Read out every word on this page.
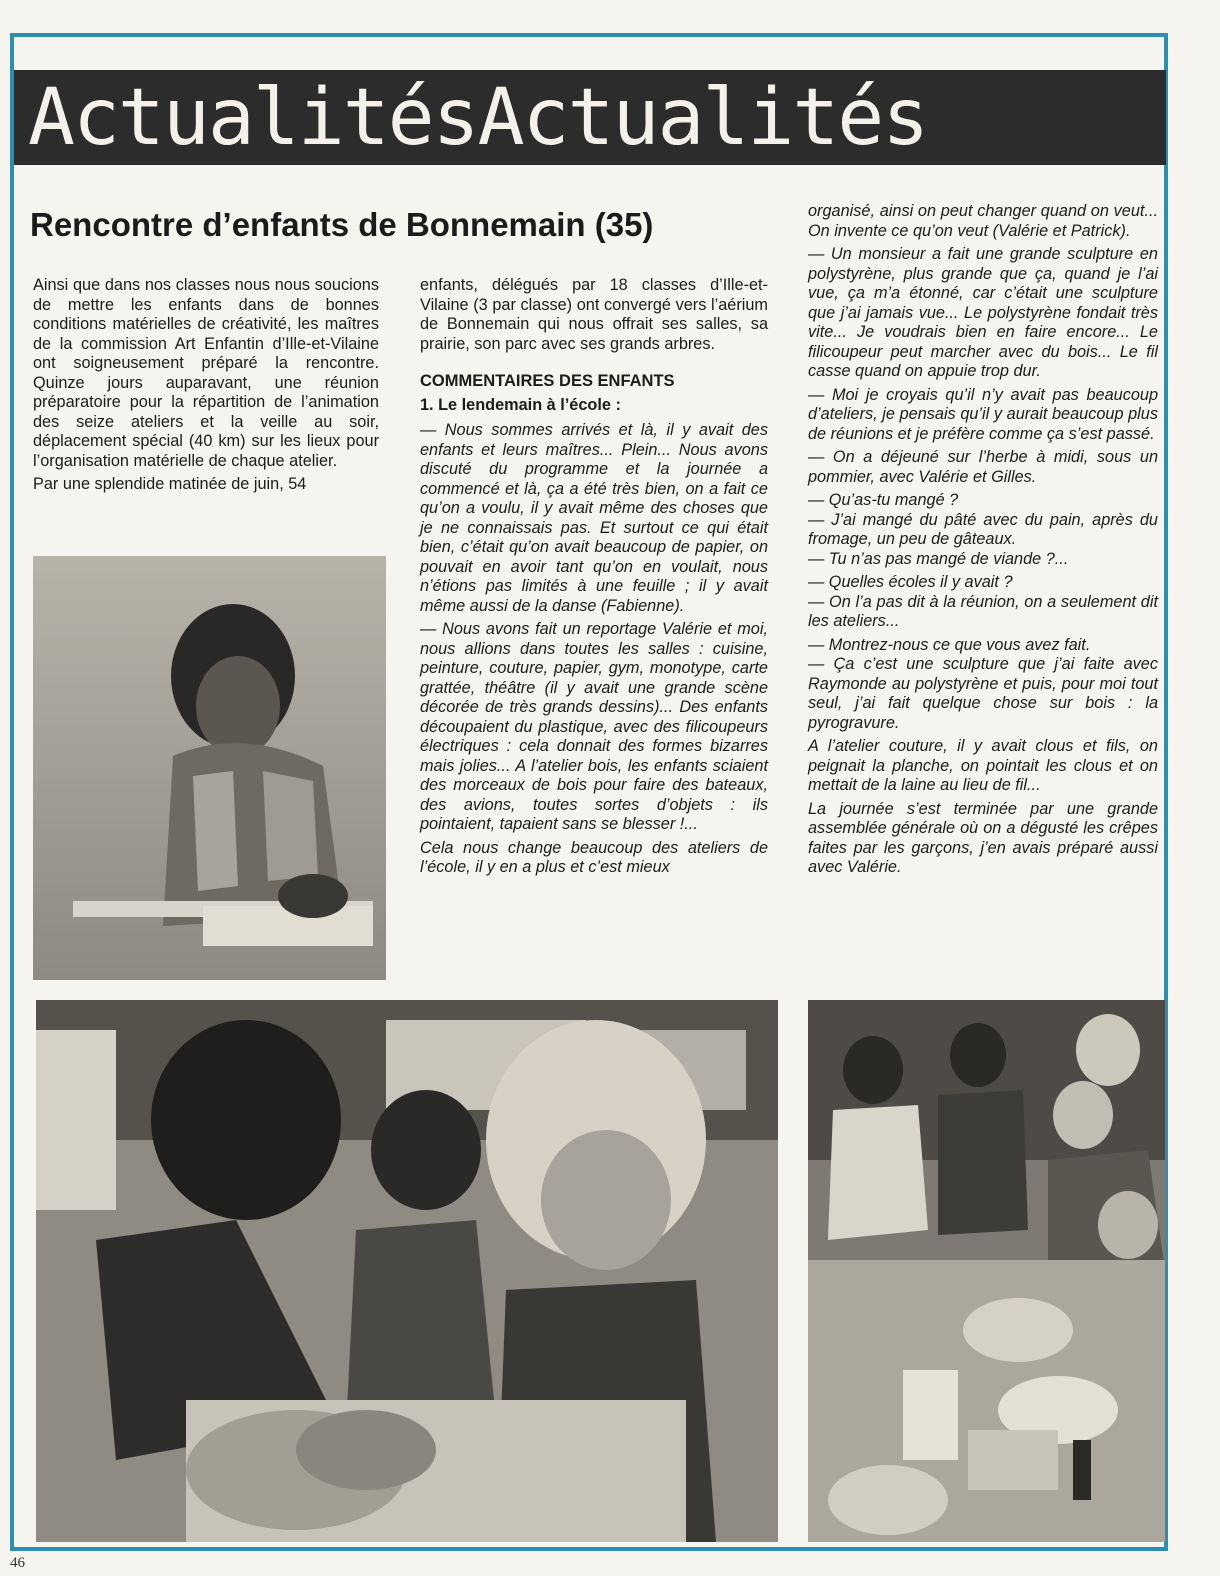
ActualitésActualités
Rencontre d’enfants de Bonnemain (35)

Ainsi que dans nos classes nous nous soucions de mettre les enfants dans de bonnes conditions matérielles de créativité, les maîtres de la commission Art Enfantin d’Ille-et-Vilaine ont soigneusement préparé la rencontre. Quinze jours auparavant, une réunion préparatoire pour la répartition de l’animation des seize ateliers et la veille au soir, déplacement spécial (40 km) sur les lieux pour l’organisation matérielle de chaque atelier.

Par une splendide matinée de juin, 54

enfants, délégués par 18 classes d’Ille-et-Vilaine (3 par classe) ont convergé vers l’aérium de Bonnemain qui nous offrait ses salles, sa prairie, son parc avec ses grands arbres.

COMMENTAIRES DES ENFANTS

1. Le lendemain à l’école :

— Nous sommes arrivés et là, il y avait des enfants et leurs maîtres... Plein... Nous avons discuté du programme et la journée a commencé et là, ça a été très bien, on a fait ce qu’on a voulu, il y avait même des choses que je ne connaissais pas. Et surtout ce qui était bien, c’était qu’on avait beaucoup de papier, on pouvait en avoir tant qu’on en voulait, nous n’étions pas limités à une feuille ; il y avait même aussi de la danse (Fabienne).

— Nous avons fait un reportage Valérie et moi, nous allions dans toutes les salles : cuisine, peinture, couture, papier, gym, monotype, carte grattée, théâtre (il y avait une grande scène décorée de très grands dessins)... Des enfants découpaient du plastique, avec des filicoupeurs électriques : cela donnait des formes bizarres mais jolies... A l’atelier bois, les enfants sciaient des morceaux de bois pour faire des bateaux, des avions, toutes sortes d’objets : ils pointaient, tapaient sans se blesser !...

Cela nous change beaucoup des ateliers de l’école, il y en a plus et c’est mieux

organisé, ainsi on peut changer quand on veut... On invente ce qu’on veut (Valérie et Patrick).

— Un monsieur a fait une grande sculpture en polystyrène, plus grande que ça, quand je l’ai vue, ça m’a étonné, car c’était une sculpture que j’ai jamais vue... Le polystyrène fondait très vite... Je voudrais bien en faire encore... Le filicoupeur peut marcher avec du bois... Le fil casse quand on appuie trop dur.

— Moi je croyais qu’il n’y avait pas beaucoup d’ateliers, je pensais qu’il y aurait beaucoup plus de réunions et je préfère comme ça s’est passé.

— On a déjeuné sur l’herbe à midi, sous un pommier, avec Valérie et Gilles.

— Qu’as-tu mangé ?

— J’ai mangé du pâté avec du pain, après du fromage, un peu de gâteaux.

— Tu n’as pas mangé de viande ?...

— Quelles écoles il y avait ?

— On l’a pas dit à la réunion, on a seulement dit les ateliers...

— Montrez-nous ce que vous avez fait.

— Ça c’est une sculpture que j’ai faite avec Raymonde au polystyrène et puis, pour moi tout seul, j’ai fait quelque chose sur bois : la pyrogravure.

A l’atelier couture, il y avait clous et fils, on peignait la planche, on pointait les clous et on mettait de la laine au lieu de fil...

La journée s’est terminée par une grande assemblée générale où on a dégusté les crêpes faites par les garçons, j’en avais préparé aussi avec Valérie.

46
